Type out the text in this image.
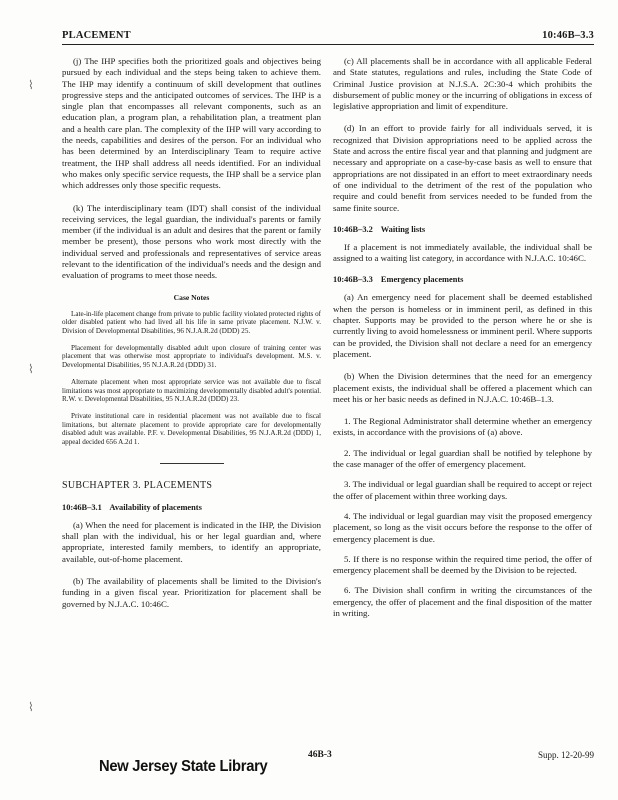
PLACEMENT	10:46B–3.3
⌇
⌇
⌇

(j) The IHP specifies both the prioritized goals and objectives being pursued by each individual and the steps being taken to achieve them. The IHP may identify a continuum of skill development that outlines progressive steps and the anticipated outcomes of services. The IHP is a single plan that encompasses all relevant components, such as an education plan, a program plan, a rehabilitation plan, a treatment plan and a health care plan. The complexity of the IHP will vary according to the needs, capabilities and desires of the person. For an individual who has been determined by an Interdisciplinary Team to require active treatment, the IHP shall address all needs identified. For an individual who makes only specific service requests, the IHP shall be a service plan which addresses only those specific requests.

(k) The interdisciplinary team (IDT) shall consist of the individual receiving services, the legal guardian, the individual's parents or family member (if the individual is an adult and desires that the parent or family member be present), those persons who work most directly with the individual served and professionals and representatives of service areas relevant to the identification of the individual's needs and the design and evaluation of programs to meet those needs.

Case Notes
Late-in-life placement change from private to public facility violated protected rights of older disabled patient who had lived all his life in same private placement. N.J.W. v. Division of Developmental Disabilities, 96 N.J.A.R.2d (DDD) 25.
Placement for developmentally disabled adult upon closure of training center was placement that was otherwise most appropriate to individual's development. M.S. v. Developmental Disabilities, 95 N.J.A.R.2d (DDD) 31.
Alternate placement when most appropriate service was not available due to fiscal limitations was most appropriate to maximizing developmentally disabled adult's potential. R.W. v. Developmental Disabilities, 95 N.J.A.R.2d (DDD) 23.
Private institutional care in residential placement was not available due to fiscal limitations, but alternate placement to provide appropriate care for developmentally disabled adult was available. P.F. v. Developmental Disabilities, 95 N.J.A.R.2d (DDD) 1, appeal decided 656 A.2d 1.
SUBCHAPTER 3. PLACEMENTS
10:46B–3.1 Availability of placements

(a) When the need for placement is indicated in the IHP, the Division shall plan with the individual, his or her legal guardian and, where appropriate, interested family members, to identify an appropriate, available, out-of-home placement.

(b) The availability of placements shall be limited to the Division's funding in a given fiscal year. Prioritization for placement shall be governed by N.J.A.C. 10:46C.

(c) All placements shall be in accordance with all applicable Federal and State statutes, regulations and rules, including the State Code of Criminal Justice provision at N.J.S.A. 2C:30-4 which prohibits the disbursement of public money or the incurring of obligations in excess of legislative appropriation and limit of expenditure.

(d) In an effort to provide fairly for all individuals served, it is recognized that Division appropriations need to be applied across the State and across the entire fiscal year and that planning and judgment are necessary and appropriate on a case-by-case basis as well to ensure that appropriations are not dissipated in an effort to meet extraordinary needs of one individual to the detriment of the rest of the population who require and could benefit from services needed to be funded from the same finite source.

10:46B–3.2 Waiting lists

If a placement is not immediately available, the individual shall be assigned to a waiting list category, in accordance with N.J.A.C. 10:46C.

10:46B–3.3 Emergency placements

(a) An emergency need for placement shall be deemed established when the person is homeless or in imminent peril, as defined in this chapter. Supports may be provided to the person where he or she is currently living to avoid homelessness or imminent peril. Where supports can be provided, the Division shall not declare a need for an emergency placement.

(b) When the Division determines that the need for an emergency placement exists, the individual shall be offered a placement which can meet his or her basic needs as defined in N.J.A.C. 10:46B–1.3.

1. The Regional Administrator shall determine whether an emergency exists, in accordance with the provisions of (a) above.

2. The individual or legal guardian shall be notified by telephone by the case manager of the offer of emergency placement.

3. The individual or legal guardian shall be required to accept or reject the offer of placement within three working days.

4. The individual or legal guardian may visit the proposed emergency placement, so long as the visit occurs before the response to the offer of emergency placement is due.

5. If there is no response within the required time period, the offer of emergency placement shall be deemed by the Division to be rejected.

6. The Division shall confirm in writing the circumstances of the emergency, the offer of placement and the final disposition of the matter in writing.

46B-3	Supp. 12-20-99
New Jersey State Library
